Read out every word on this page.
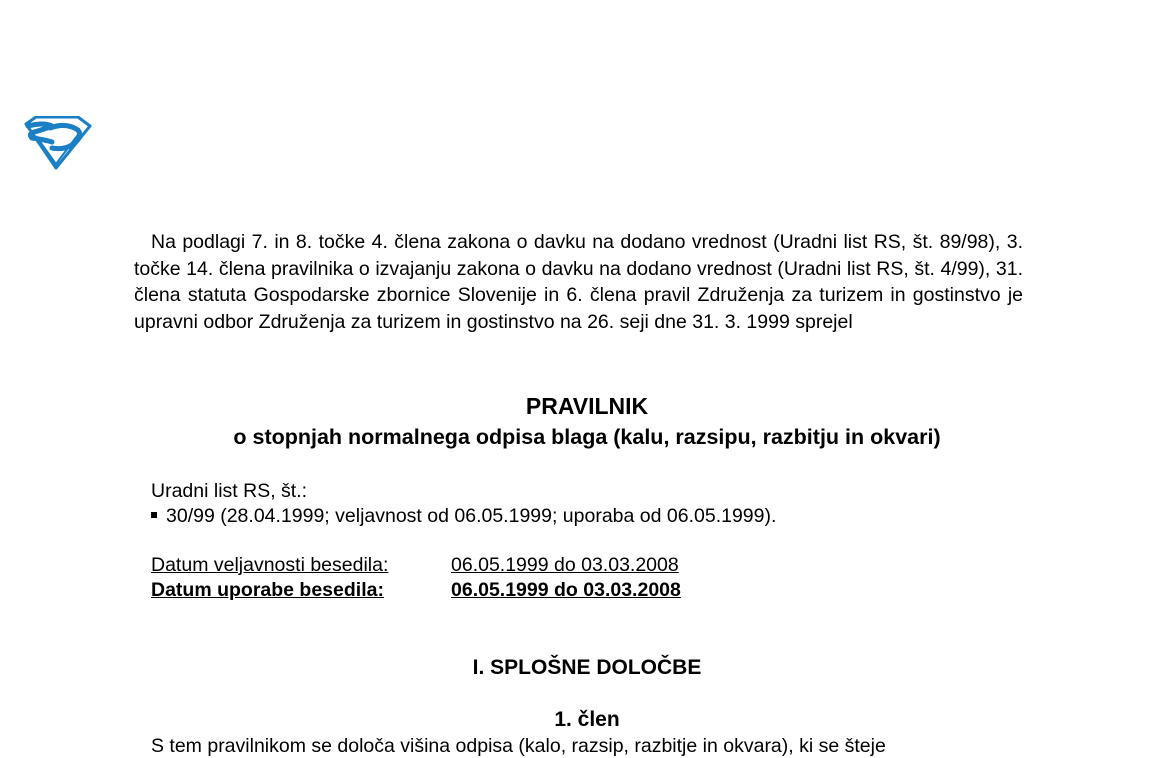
Na podlagi 7. in 8. točke 4. člena zakona o davku na dodano vrednost (Uradni list RS, št. 89/98), 3. točke 14. člena pravilnika o izvajanju zakona o davku na dodano vrednost (Uradni list RS, št. 4/99), 31. člena statuta Gospodarske zbornice Slovenije in 6. člena pravil Združenja za turizem in gostinstvo je upravni odbor Združenja za turizem in gostinstvo na 26. seji dne 31. 3. 1999 sprejel

PRAVILNIK
o stopnjah normalnega odpisa blaga (kalu, razsipu, razbitju in okvari)

Uradni list RS, št.:

30/99 (28.04.1999; veljavnost od 06.05.1999; uporaba od 06.05.1999).

Datum veljavnosti besedila:	06.05.1999 do 03.03.2008

Datum uporabe besedila:	06.05.1999 do 03.03.2008

I. SPLOŠNE DOLOČBE
1. člen

S tem pravilnikom se določa višina odpisa (kalo, razsip, razbitje in okvara), ki se šteje
